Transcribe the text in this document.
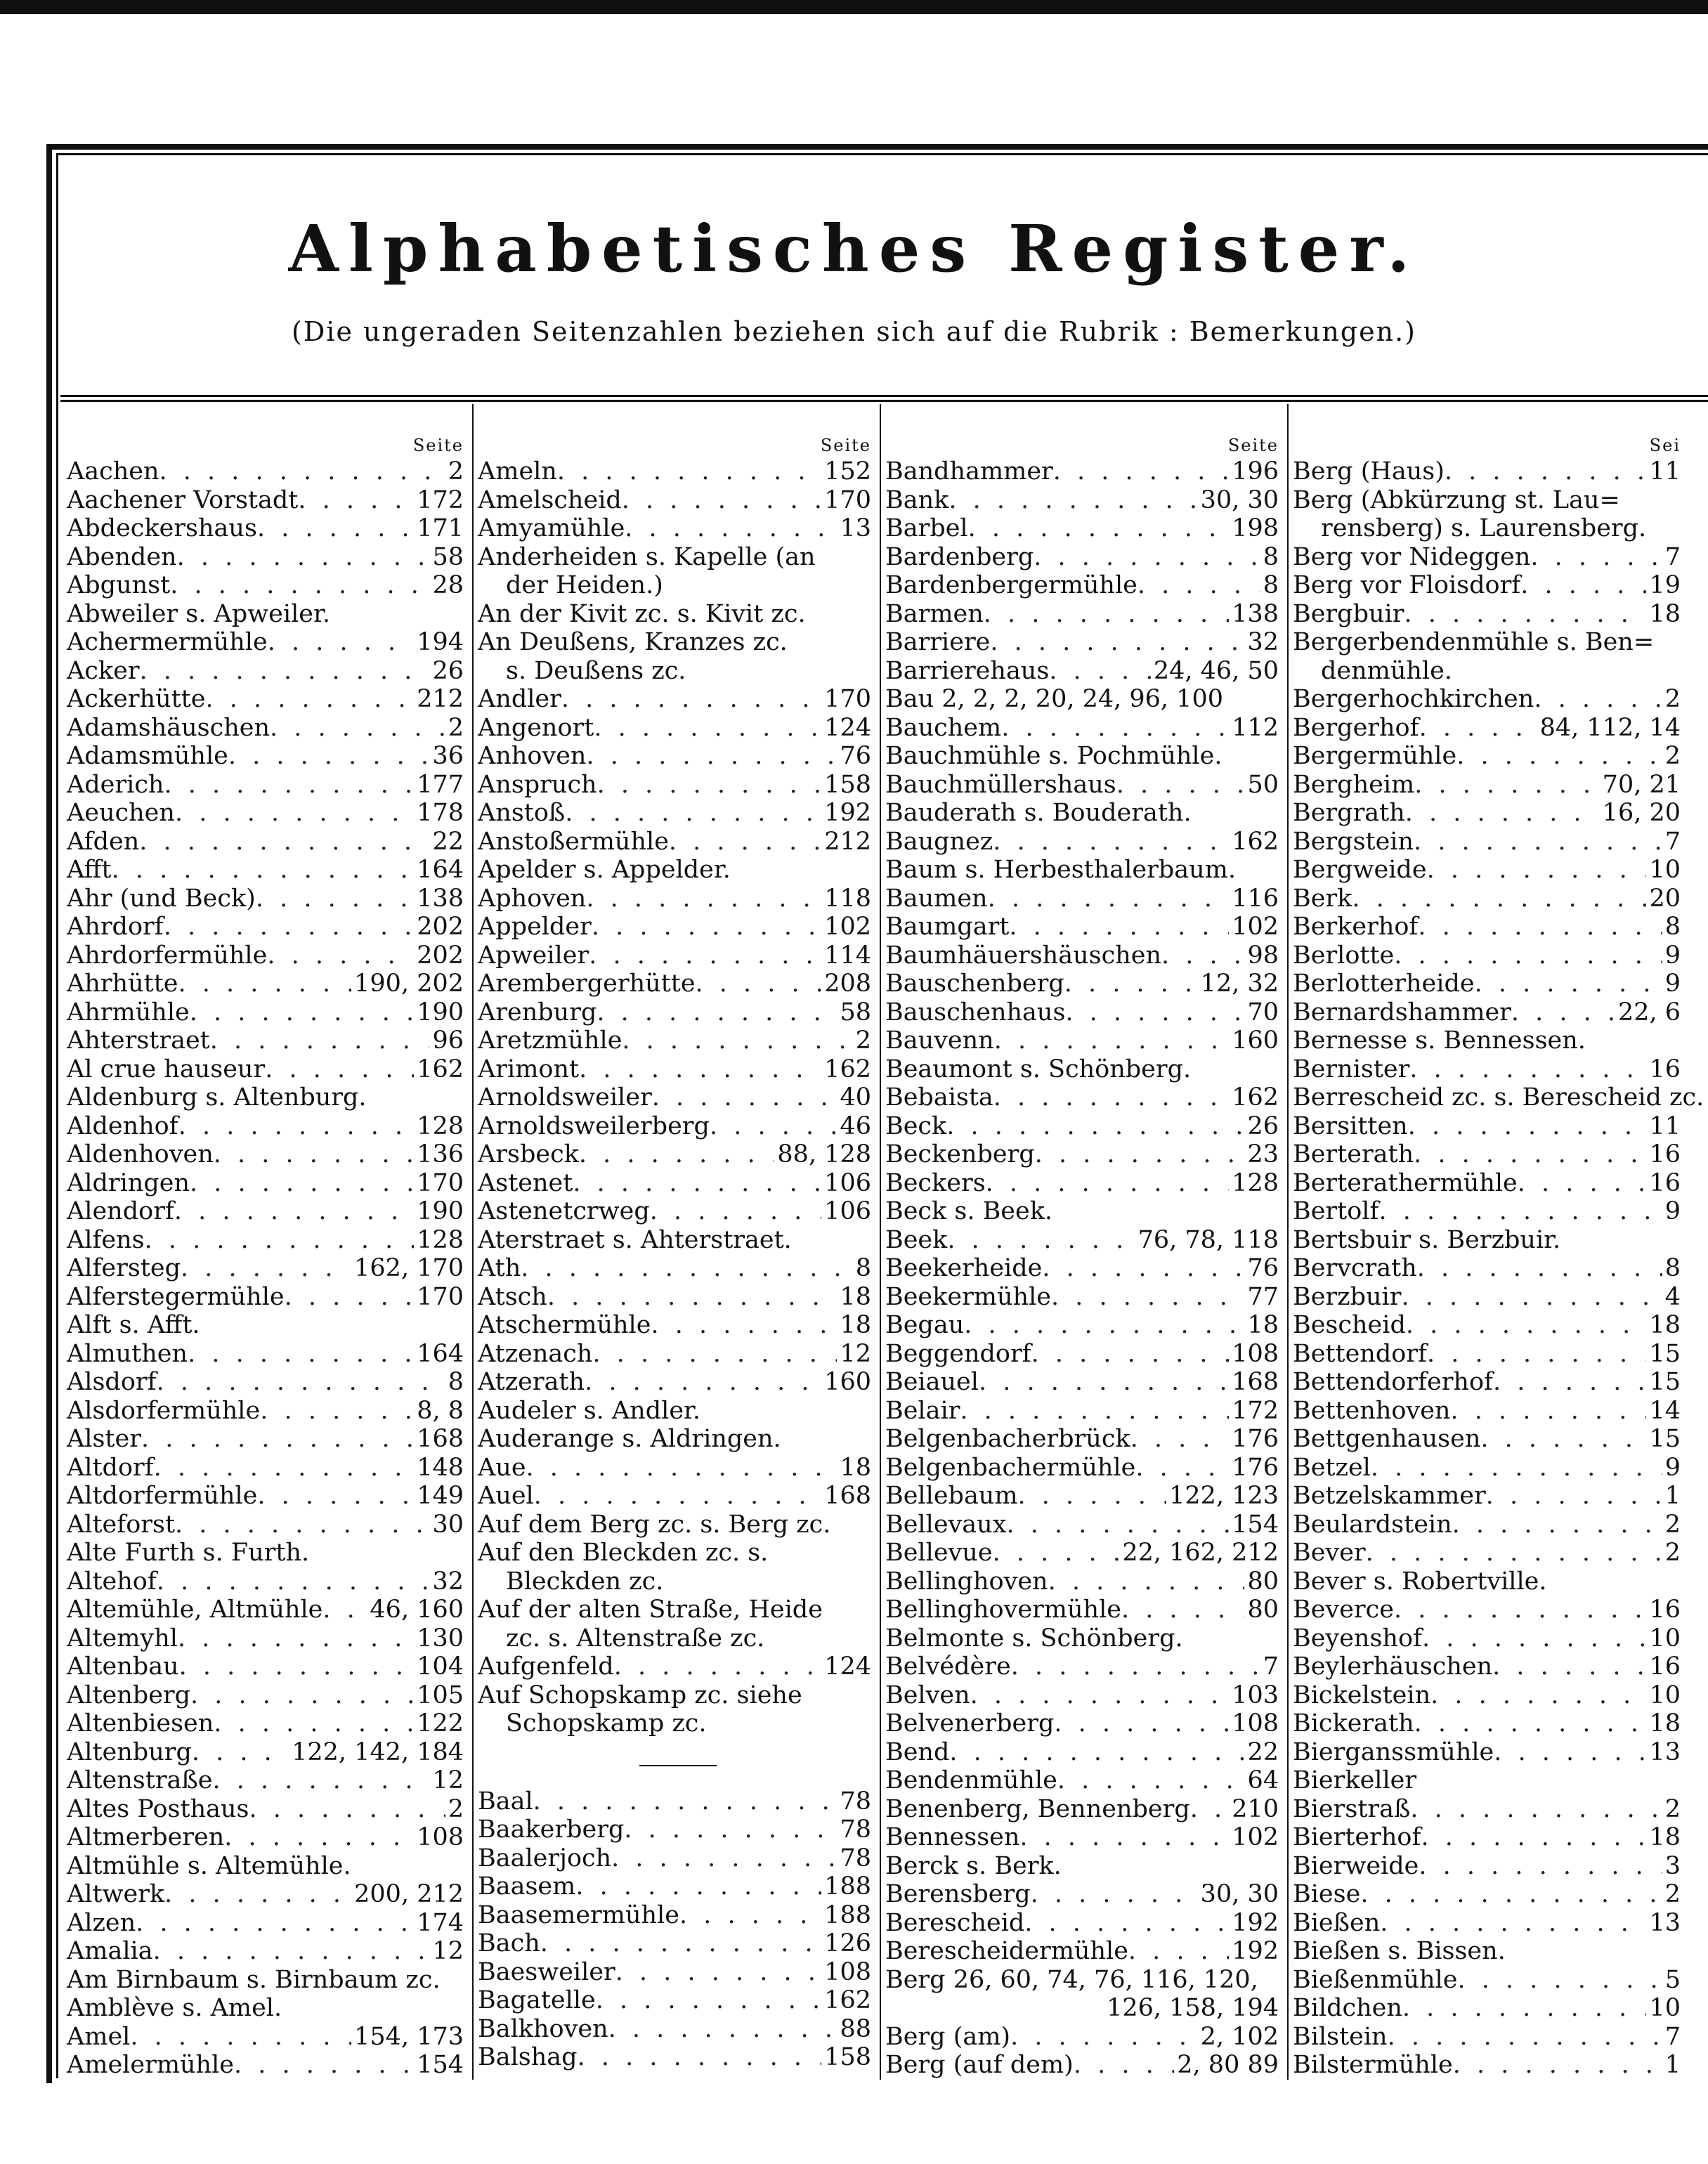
Alphabetisches Register.
(Die ungeraden Seitenzahlen beziehen sich auf die Rubrik : Bemerkungen.)
Seite
Aachen . . .	2
Aachener Vorstadt . . .	172
Abdeckershaus . . .	171
Abenden . . .	58
Abgunst . . .	28
Abweiler s. Apweiler.
Achermermühle . . .	194
Acker . . .	26
Ackerhütte . . .	212
Adamshäuschen . . .	2
Adamsmühle . . .	36
Aderich . . .	177
Aeuchen . . .	178
Afden . . .	22
Afft . . .	164
Ahr (und Beck) . . .	138
Ahrdorf . . .	202
Ahrdorfermühle . . .	202
Ahrhütte . . .	190, 202
Ahrmühle . . .	190
Ahterstraet . . .	96
Al crue hauseur . . .	162
Aldenburg s. Altenburg.
Aldenhof . . .	128
Aldenhoven . . .	136
Aldringen . . .	170
Alendorf . . .	190
Alfens . . .	128
Alfersteg . . .	162, 170
Alferstegermühle . . .	170
Alft s. Afft.
Almuthen . . .	164
Alsdorf . . .	8
Alsdorfermühle . . .	8, 8
Alster . . .	168
Altdorf . . .	148
Altdorfermühle . . .	149
Alteforst . . .	30
Alte Furth s. Furth.
Altehof . . .	32
Altemühle, Altmühle . . . 46, 160
Altemyhl . . .	130
Altenbau . . .	104
Altenberg . . .	105
Altenbiesen . . .	122
Altenburg . . .	122, 142, 184
Altenstraße . . .	12
Altes Posthaus . . .	2
Altmerberen . . .	108
Altmühle s. Altemühle.
Altwerk . . .	200, 212
Alzen . . .	174
Amalia . . .	12
Am Birnbaum s. Birnbaum zc.
Amblève s. Amel.
Amel . . .	154, 173
Amelermühle . . .	154
Seite
Ameln . . .	152
Amelscheid . . .	170
Amyamühle . . .	13
Anderheiden s. Kapelle (an
der Heiden.)
An der Kivit zc. s. Kivit zc.
An Deußens, Kranzes zc.
s. Deußens zc.
Andler . . .	170
Angenort . . .	124
Anhoven . . .	76
Anspruch . . .	158
Anstoß . . .	192
Anstoßermühle . . .	212
Apelder s. Appelder.
Aphoven . . .	118
Appelder . . .	102
Apweiler . . .	114
Arembergerhütte . . .	208
Arenburg . . .	58
Aretzmühle . . .	2
Arimont . . .	162
Arnoldsweiler . . .	40
Arnoldsweilerberg . . .	46
Arsbeck . . .	88, 128
Astenet . . .	106
Astenetcrweg . . .	106
Aterstraet s. Ahterstraet.
Ath . . .	8
Atsch . . .	18
Atschermühle . . .	18
Atzenach . . .	12
Atzerath . . .	160
Audeler s. Andler.
Auderange s. Aldringen.
Aue . . .	18
Auel . . .	168
Auf dem Berg zc. s. Berg zc.
Auf den Bleckden zc. s.
Bleckden zc.
Auf der alten Straße, Heide
zc. s. Altenstraße zc.
Aufgenfeld . . .	124
Auf Schopskamp zc. siehe
Schopskamp zc.
Baal . . .	78
Baakerberg . . .	78
Baalerjoch . . .	78
Baasem . . .	188
Baasemermühle . . .	188
Bach . . .	126
Baesweiler . . .	108
Bagatelle . . .	162
Balkhoven . . .	88
Balshag . . .	158
Seite
Bandhammer . . .	196
Bank . . .	30, 30
Barbel . . .	198
Bardenberg . . .	8
Bardenbergermühle . . .	8
Barmen . . .	138
Barriere . . .	32
Barrierehaus . . .	24, 46, 50
Bau 2, 2, 2, 20, 24, 96, 100
Bauchem . . .	112
Bauchmühle s. Pochmühle.
Bauchmüllershaus . . .	50
Bauderath s. Bouderath.
Baugnez . . .	162
Baum s. Herbesthalerbaum.
Baumen . . .	116
Baumgart . . .	102
Baumhäuershäuschen . . .	98
Bauschenberg . . .	12, 32
Bauschenhaus . . .	70
Bauvenn . . .	160
Beaumont s. Schönberg.
Bebaista . . .	162
Beck . . .	26
Beckenberg . . .	23
Beckers . . .	128
Beck s. Beek.
Beek . . .	76, 78, 118
Beekerheide . . .	76
Beekermühle . . .	77
Begau . . .	18
Beggendorf . . .	108
Beiauel . . .	168
Belair . . .	172
Belgenbacherbrück . . .	176
Belgenbachermühle . . .	176
Bellebaum . . .	122, 123
Bellevaux . . .	154
Bellevue . . .	22, 162, 212
Bellinghoven . . .	80
Bellinghovermühle . . .	80
Belmonte s. Schönberg.
Belvédère . . .	7
Belven . . .	103
Belvenerberg . . .	108
Bend . . .	22
Bendenmühle . . .	64
Benenberg, Bennenberg . . . 210
Bennessen . . .	102
Berck s. Berk.
Berensberg . . .	30, 30
Berescheid . . .	192
Berescheidermühle . . .	192
Berg 26, 60, 74, 76, 116, 120,
126, 158, 194
Berg (am) . . .	2, 102
Berg (auf dem) . . .	2, 80 89
Sei
Berg (Haus) . . .	11
Berg (Abkürzung st. Lau=
rensberg) s. Laurensberg.
Berg vor Nideggen . . .	7
Berg vor Floisdorf . . .	19
Bergbuir . . .	18
Bergerbendenmühle s. Ben=
denmühle.
Bergerhochkirchen . . .	2
Bergerhof . . .	84, 112, 14
Bergermühle . . .	2
Bergheim . . .	70, 21
Bergrath . . .	16, 20
Bergstein . . .	7
Bergweide . . .	10
Berk . . .	20
Berkerhof . . .	8
Berlotte . . .	9
Berlotterheide . . .	9
Bernardshammer . . .	22, 6
Bernesse s. Bennessen.
Bernister . . .	16
Berrescheid zc. s. Berescheid zc.
Bersitten . . .	11
Berterath . . .	16
Berterathermühle . . .	16
Bertolf . . .	9
Bertsbuir s. Berzbuir.
Bervcrath . . .	8
Berzbuir . . .	4
Bescheid . . .	18
Bettendorf . . .	15
Bettendorferhof . . .	15
Bettenhoven . . .	14
Bettgenhausen . . .	15
Betzel . . .	9
Betzelskammer . . .	1
Beulardstein . . .	2
Bever . . .	2
Bever s. Robertville.
Beverce . . .	16
Beyenshof . . .	10
Beylerhäuschen . . .	16
Bickelstein . . .	10
Bickerath . . .	18
Bierganssmühle . . .	13
Bierkeller
Bierstraß . . .	2
Bierterhof . . .	18
Bierweide . . .	3
Biese . . .	2
Bießen . . .	13
Bießen s. Bissen.
Bießenmühle . . .	5
Bildchen . . .	10
Bilstein . . .	7
Bilstermühle . . .	1
